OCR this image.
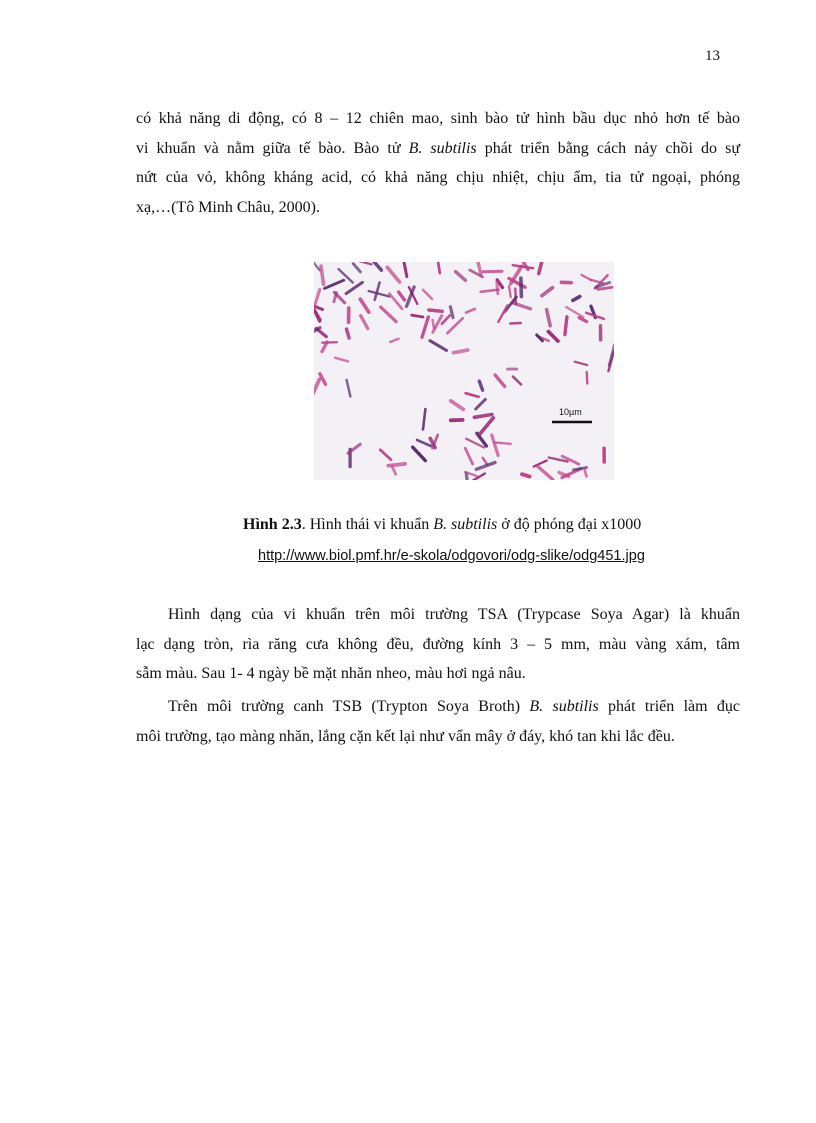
13

có khả năng di động, có 8 – 12 chiên mao, sinh bào tử hình bầu dục nhỏ hơn tế bào
vi khuẩn và nằm giữa tế bào. Bào tử B. subtilis phát triển bằng cách nảy chồi do sự
nứt của vỏ, không kháng acid, có khả năng chịu nhiệt, chịu ẩm, tia tử ngoại, phóng
xạ,…(Tô Minh Châu, 2000).

10µm
Hình 2.3. Hình thái vi khuẩn B. subtilis ở độ phóng đại x1000
http://www.biol.pmf.hr/e-skola/odgovori/odg-slike/odg451.jpg

Hình dạng của vi khuẩn trên môi trường TSA (Trypcase Soya Agar) là khuẩn
lạc dạng tròn, rìa răng cưa không đều, đường kính 3 – 5 mm, màu vàng xám, tâm
sẫm màu. Sau 1- 4 ngày bề mặt nhăn nheo, màu hơi ngả nâu.

Trên môi trường canh TSB (Trypton Soya Broth) B. subtilis phát triển làm đục
môi trường, tạo màng nhăn, lắng cặn kết lại như vẩn mây ở đáy, khó tan khi lắc đều.
